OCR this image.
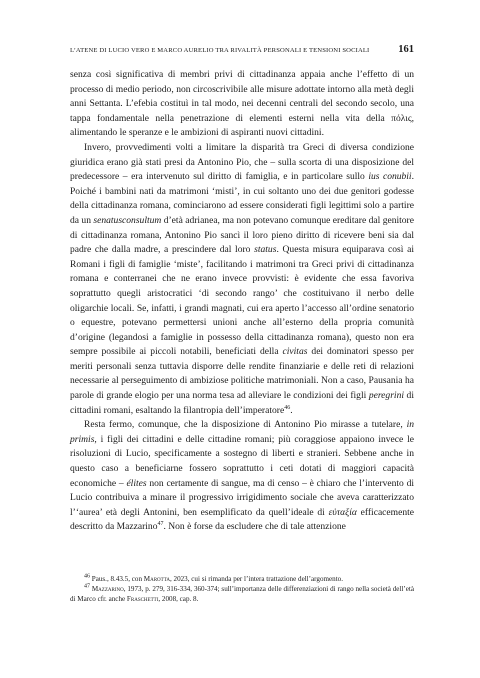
L’ATENE DI LUCIO VERO E MARCO AURELIO TRA RIVALITÀ PERSONALI E TENSIONI SOCIALI	161

senza così significativa di membri privi di cittadinanza appaia anche l’effetto di un processo di medio periodo, non circoscrivibile alle misure adottate intorno alla metà degli anni Settanta. L’efebia costituì in tal modo, nei decenni centrali del secondo secolo, una tappa fondamentale nella penetrazione di elementi esterni nella vita della πόλις, alimentando le speranze e le ambizioni di aspiranti nuovi cittadini.

Invero, provvedimenti volti a limitare la disparità tra Greci di diversa condizione giuridica erano già stati presi da Antonino Pio, che – sulla scorta di una disposizione del predecessore – era intervenuto sul diritto di famiglia, e in particolare sullo ius conubii. Poiché i bambini nati da matrimoni ‘misti’, in cui soltanto uno dei due genitori godesse della cittadinanza romana, cominciarono ad essere considerati figli legittimi solo a partire da un senatusconsultum d’età adrianea, ma non potevano comunque ereditare dal genitore di cittadinanza romana, Antonino Pio sancì il loro pieno diritto di ricevere beni sia dal padre che dalla madre, a prescindere dal loro status. Questa misura equiparava così ai Romani i figli di famiglie ‘miste’, facilitando i matrimoni tra Greci privi di cittadinanza romana e conterranei che ne erano invece provvisti: è evidente che essa favoriva soprattutto quegli aristocratici ‘di secondo rango’ che costituivano il nerbo delle oligarchie locali. Se, infatti, i grandi magnati, cui era aperto l’accesso all’ordine senatorio o equestre, potevano permettersi unioni anche all’esterno della propria comunità d’origine (legandosi a famiglie in possesso della cittadinanza romana), questo non era sempre possibile ai piccoli notabili, beneficiati della civitas dei dominatori spesso per meriti personali senza tuttavia disporre delle rendite finanziarie e delle reti di relazioni necessarie al perseguimento di ambiziose politiche matrimoniali. Non a caso, Pausania ha parole di grande elogio per una norma tesa ad alleviare le condizioni dei figli peregrini di cittadini romani, esaltando la filantropia dell’imperatore$^{46}$.

Resta fermo, comunque, che la disposizione di Antonino Pio mirasse a tutelare, in primis, i figli dei cittadini e delle cittadine romani; più coraggiose appaiono invece le risoluzioni di Lucio, specificamente a sostegno di liberti e stranieri. Sebbene anche in questo caso a beneficiarne fossero soprattutto i ceti dotati di maggiori capacità economiche – élites non certamente di sangue, ma di censo – è chiaro che l’intervento di Lucio contribuiva a minare il progressivo irrigidimento sociale che aveva caratterizzato l’‘aurea’ età degli Antonini, ben esemplificato da quell’ideale di εὐταξία efficacemente descritto da Mazzarino$^{47}$. Non è forse da escludere che di tale attenzione

$^{46}$ Paus., 8.43.5, con Marotta, 2023, cui si rimanda per l’intera trattazione dell’argomento.

$^{47}$ Mazzarino, 1973, p. 279, 316-334, 360-374; sull’importanza delle differenziazioni di rango nella società dell’età di Marco cfr. anche Fraschetti, 2008, cap. 8.
